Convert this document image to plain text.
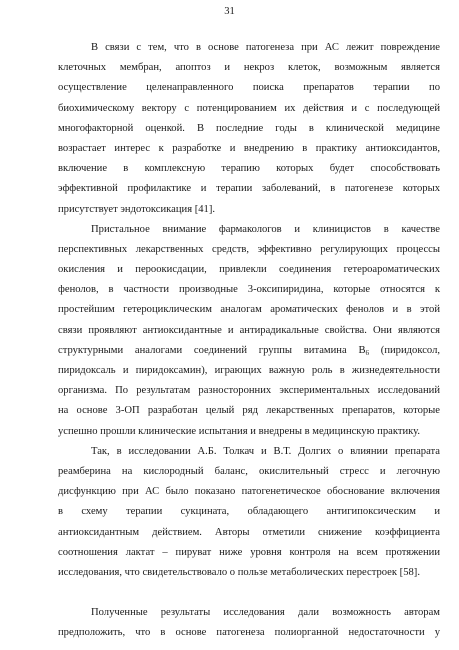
31
В связи с тем, что в основе патогенеза при АС лежит повреждение
клеточных мембран, апоптоз и некроз клеток, возможным является
осуществление целенаправленного поиска препаратов терапии по
биохимическому вектору с потенцированием их действия и с последующей
многофакторной оценкой. В последние годы в клинической медицине
возрастает интерес к разработке и внедрению в практику антиоксидантов,
включение в комплексную терапию которых будет способствовать
эффективной профилактике и терапии заболеваний, в патогенезе которых
присутствует эндотоксикация [41].
Пристальное внимание фармакологов и клиницистов в качестве
перспективных лекарственных средств, эффективно регулирующих процессы
окисления и пероокисдации, привлекли соединения гетероароматических
фенолов, в частности производные 3-оксипиридина, которые относятся к
простейшим гетероциклическим аналогам ароматических фенолов и в этой
связи проявляют антиоксидантные и антирадикальные свойства. Они являются
структурными аналогами соединений группы витамина $В_6$ (пиридоксол,
пиридоксаль и пиридоксамин), играющих важную роль в жизнедеятельности
организма. По результатам разносторонних экспериментальных исследований
на основе 3-ОП разработан целый ряд лекарственных препаратов, которые
успешно прошли клинические испытания и внедрены в медицинскую практику.
Так, в исследовании А.Б. Толкач и В.Т. Долгих о влиянии препарата
реамберина на кислородный баланс, окислительный стресс и легочную
дисфункцию при АС было показано патогенетическое обоснование включения
в схему терапии сукцината, обладающего антигипоксическим и
антиоксидантным действием. Авторы отметили снижение коэффициента
соотношения лактат – пируват ниже уровня контроля на всем протяжении
исследования, что свидетельствовало о пользе метаболических перестроек [58].
Полученные результаты исследования дали возможность авторам
предположить, что в основе патогенеза полиорганной недостаточности у
